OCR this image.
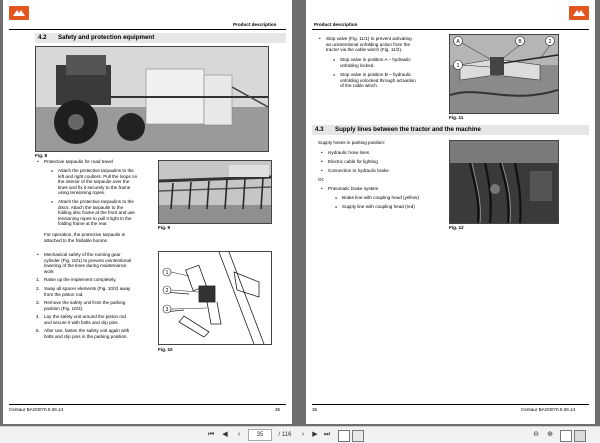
Product description
4.2 Safety and protection equipment
Fig. 8
• Protective tarpaulin for road travel
o Attach the protective tarpaulins to the
left and right coulters. Pull the loops on
the interior of the tarpaulin over the
tines and fix it securely to the frame
using tensioning ropes.
o Attach the protective tarpaulins to the
discs. Attach the tarpaulin to the
folding disc frame at the front and use
tensioning ropes to pull it tight to the
folding frame at the rear.
For operation, the protective tarpaulin is
attached to the foldable booms.
Fig. 9
• Mechanical safety of the running gear
cylinder (Fig. 10/1) to prevent unintentional
lowering of the tines during maintenance
work
1. Raise up the implement completely.
2. Sway all spacer elements (Fig. 10/2) away
from the piston rod.
3. Remove the safety unit from the parking
position (Fig. 10/3).
4. Lay the safety unit around the piston rod
and secure it with bolts and clip pins.
5. After use, fasten the safety unit again with
bolts and clip pins in the parking position.
1
2
3
Fig. 10
Centaur BAG0070.5 06.14	35
Product description
• Stop valve (Fig. 11/1) to prevent activating
an unintentional unfolding action from the
tractor via the cable winch (Fig. 11/2).
o Stop valve in position A – hydraulic
unfolding locked.
o Stop valve in position B – hydraulic
unfolding unlocked through activation
of the cable winch.
A	B	2
1
Fig. 11
4.3 Supply lines between the tractor and the machine
Supply hoses in parking position:
• Hydraulic hose lines
• Electric cable for lighting
• Connection to hydraulic brake
Or:
• Pneumatic brake system
o Brake line with coupling head (yellow)
o Supply line with coupling head (red)
Fig. 12
36	Centaur BAG0070.5 06.14
⏮	◀	‹	35	/ 116	›	▶ ⏭	⊖	⊕
